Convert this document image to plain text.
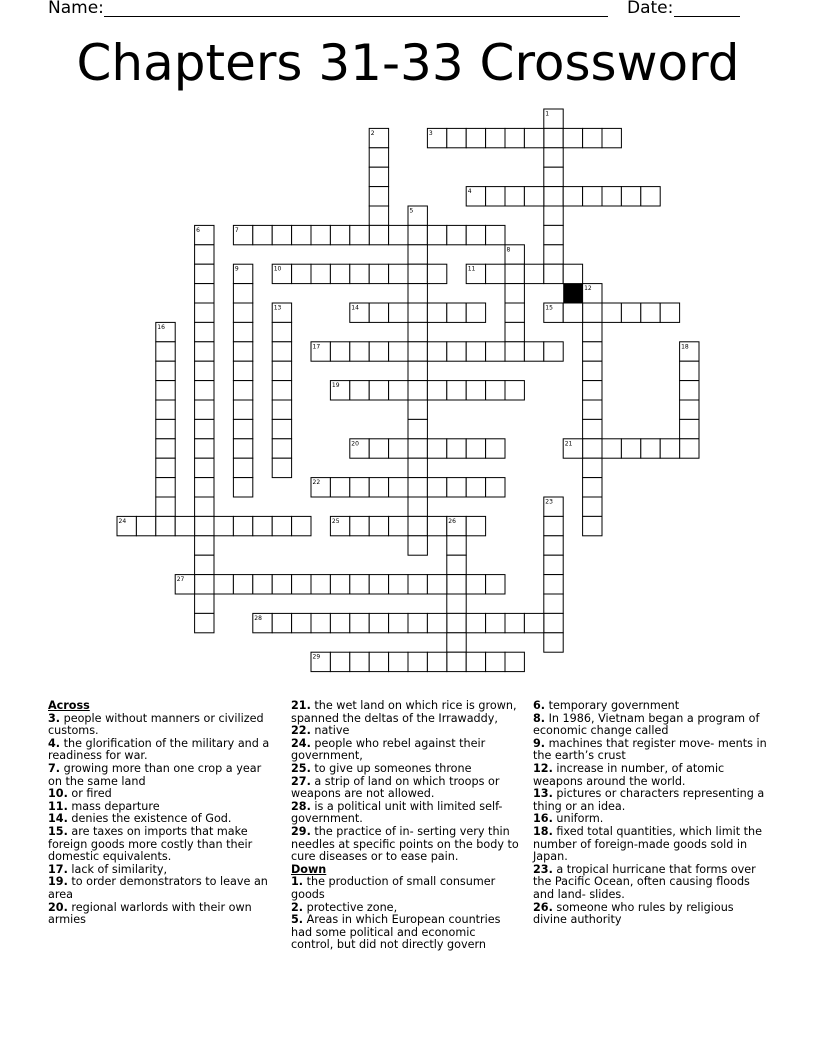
Name:	Date:
Chapters 31-33 Crossword
1
2	3
4
5
6	7
8
9	10	11
12
13	14	15
16
17	18
19
20	21
22
23
24	25	26
27
28
29
Across
3. people without manners or civilized customs.
4. the glorification of the military and a readiness for war.
7. growing more than one crop a year on the same land
10. or fired
11. mass departure
14. denies the existence of God.
15. are taxes on imports that make foreign goods more costly than their domestic equivalents.
17. lack of similarity,
19. to order demonstrators to leave an area
20. regional warlords with their own armies
21. the wet land on which rice is grown, spanned the deltas of the Irrawaddy,
22. native
24. people who rebel against their government,
25. to give up someones throne
27. a strip of land on which troops or weapons are not allowed.
28. is a political unit with limited self-government.
29. the practice of in- serting very thin needles at specific points on the body to cure diseases or to ease pain.
Down
1. the production of small consumer goods
2. protective zone,
5. Areas in which European countries had some political and economic control, but did not directly govern
6. temporary government
8. In 1986, Vietnam began a program of economic change called
9. machines that register move- ments in the earth’s crust
12. increase in number, of atomic weapons around the world.
13. pictures or characters representing a thing or an idea.
16. uniform.
18. fixed total quantities, which limit the number of foreign-made goods sold in Japan.
23. a tropical hurricane that forms over the Pacific Ocean, often causing floods and land- slides.
26. someone who rules by religious divine authority
